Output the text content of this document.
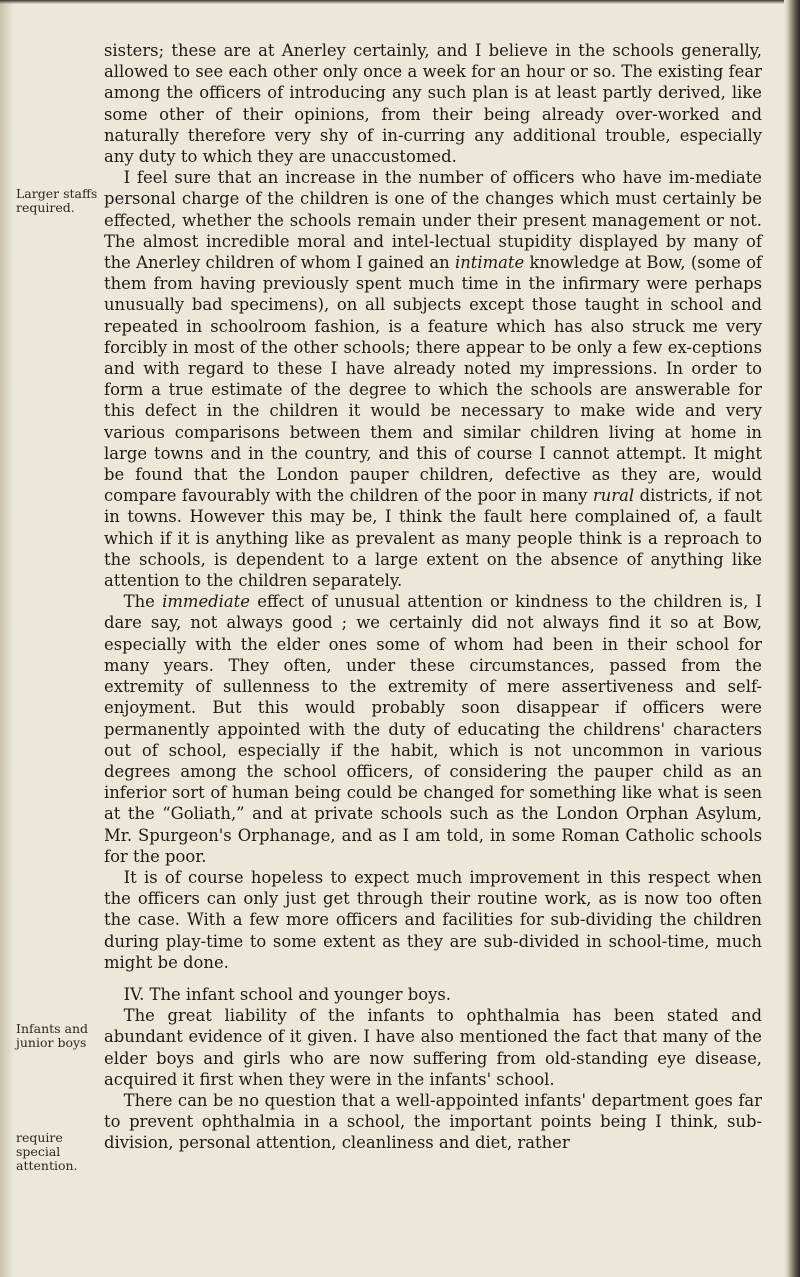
Larger staffs required.
Infants and junior boys
require special attention.

sisters; these are at Anerley certainly, and I believe in the schools generally, allowed to see each other only once a week for an hour or so. The existing fear among the officers of introducing any such plan is at least partly derived, like some other of their opinions, from their being already over-worked and naturally therefore very shy of in-curring any additional trouble, especially any duty to which they are unaccustomed.

I feel sure that an increase in the number of officers who have im-mediate personal charge of the children is one of the changes which must certainly be effected, whether the schools remain under their present management or not. The almost incredible moral and intel-lectual stupidity displayed by many of the Anerley children of whom I gained an intimate knowledge at Bow, (some of them from having previously spent much time in the infirmary were perhaps unusually bad specimens), on all subjects except those taught in school and repeated in schoolroom fashion, is a feature which has also struck me very forcibly in most of the other schools; there appear to be only a few ex-ceptions and with regard to these I have already noted my impressions. In order to form a true estimate of the degree to which the schools are answerable for this defect in the children it would be necessary to make wide and very various comparisons between them and similar children living at home in large towns and in the country, and this of course I cannot attempt. It might be found that the London pauper children, defective as they are, would compare favourably with the children of the poor in many rural districts, if not in towns. However this may be, I think the fault here complained of, a fault which if it is anything like as prevalent as many people think is a reproach to the schools, is dependent to a large extent on the absence of anything like attention to the children separately.

The immediate effect of unusual attention or kindness to the children is, I dare say, not always good ; we certainly did not always find it so at Bow, especially with the elder ones some of whom had been in their school for many years. They often, under these circumstances, passed from the extremity of sullenness to the extremity of mere assertiveness and self-enjoyment. But this would probably soon disappear if officers were permanently appointed with the duty of educating the childrens' characters out of school, especially if the habit, which is not uncommon in various degrees among the school officers, of considering the pauper child as an inferior sort of human being could be changed for something like what is seen at the “Goliath,” and at private schools such as the London Orphan Asylum, Mr. Spurgeon's Orphanage, and as I am told, in some Roman Catholic schools for the poor.

It is of course hopeless to expect much improvement in this respect when the officers can only just get through their routine work, as is now too often the case. With a few more officers and facilities for sub-dividing the children during play-time to some extent as they are sub-divided in school-time, much might be done.

IV. The infant school and younger boys.

The great liability of the infants to ophthalmia has been stated and abundant evidence of it given. I have also mentioned the fact that many of the elder boys and girls who are now suffering from old-standing eye disease, acquired it first when they were in the infants' school.

There can be no question that a well-appointed infants' department goes far to prevent ophthalmia in a school, the important points being I think, sub-division, personal attention, cleanliness and diet, rather
